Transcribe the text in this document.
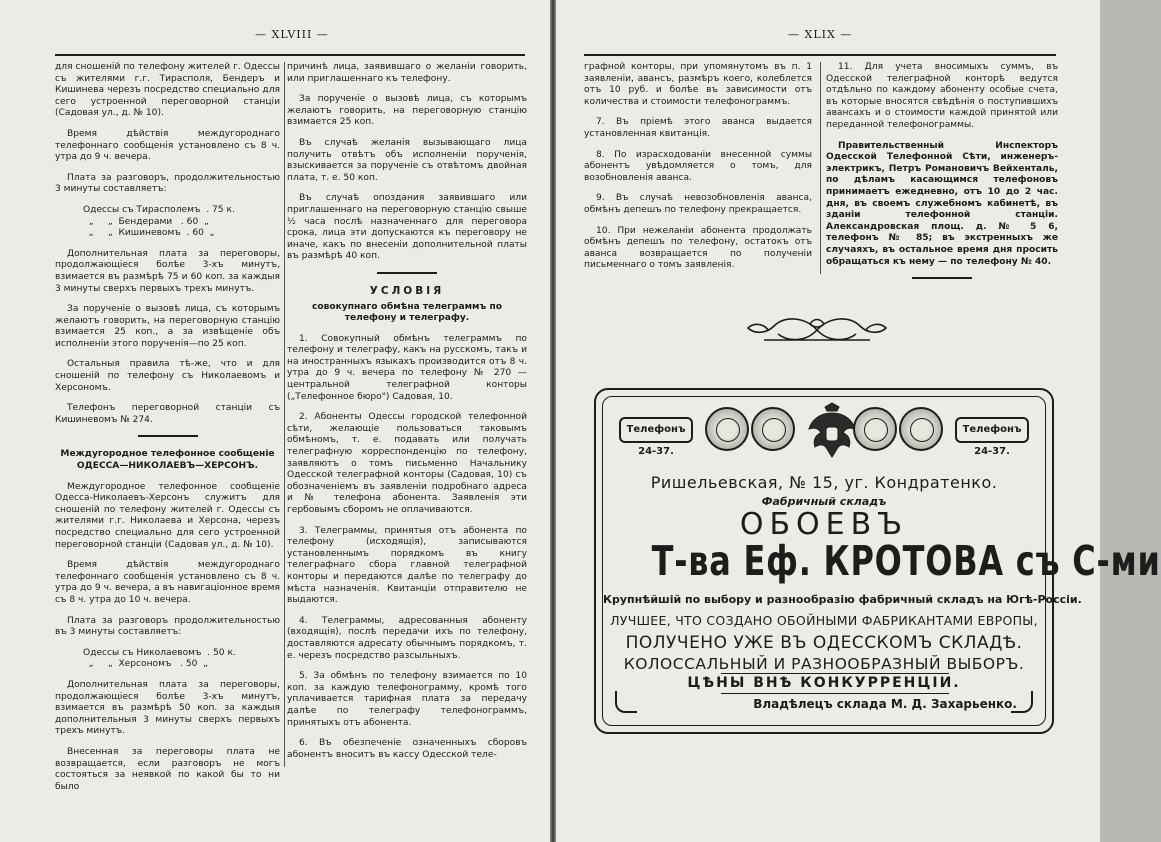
— XLVIII —

для сношеній по телефону жителей г. Одессы съ жителями г.г. Тирасполя, Бендеръ и Кишинева черезъ посредство специально для сего устроенной переговорной станціи (Садовая ул., д. № 10).

Время дѣйствія междугороднаго телефоннаго сообщенія установлено съ 8 ч. утра до 9 ч. вечера.

Плата за разговоръ, продолжительностью 3 минуты составляетъ:

Одессы съ Тирасполемъ  . 75 к.
„     „  Бендерами   . 60  „
„     „  Кишиневомъ  . 60  „

Дополнительная плата за переговоры, продолжающіеся болѣе 3-хъ минутъ, взимается въ размѣрѣ 75 и 60 коп. за каждыя 3 минуты сверхъ первыхъ трехъ минутъ.

За порученіе о вызовѣ лица, съ которымъ желаютъ говорить, на переговорную станцію взимается 25 коп., а за извѣщеніе объ исполненіи этого порученія—по 25 коп.

Остальныя правила тѣ-же, что и для сношеній по телефону съ Николаевомъ и Херсономъ.

Телефонъ переговорной станціи съ Кишиневомъ № 274.

Междугородное телефонное сообщеніе ОДЕССА—НИКОЛАЕВЪ—ХЕРСОНЪ.

Междугородное телефонное сообщеніе Одесса-Николаевъ-Херсонъ служитъ для сношеній по телефону жителей г. Одессы съ жителями г.г. Николаева и Херсона, черезъ посредство специально для сего устроенной переговорной станціи (Садовая ул., д. № 10).

Время дѣйствія междугороднаго телефоннаго сообщенія установлено съ 8 ч. утра до 9 ч. вечера, а въ навигаціонное время съ 8 ч. утра до 10 ч. вечера.

Плата за разговоръ продолжительностью въ 3 минуты составляетъ:

Одессы съ Николаевомъ  . 50 к.
„     „  Херсономъ   . 50  „

Дополнительная плата за переговоры, продолжающіеся болѣе 3-хъ минутъ, взимается въ размѣрѣ 50 коп. за каждыя дополнительныя 3 минуты сверхъ первыхъ трехъ минутъ.

Внесенная за переговоры плата не возвращается, если разговоръ не могъ состояться за неявкой по какой бы то ни было

причинѣ лица, заявившаго о желаніи говорить, или приглашеннаго къ телефону.

За порученіе о вызовѣ лица, съ которымъ желаютъ говорить, на переговорную станцію взимается 25 коп.

Въ случаѣ желанія вызывающаго лица получить отвѣтъ объ исполненіи порученія, взыскивается за порученіе съ отвѣтомъ двойная плата, т. е. 50 коп.

Въ случаѣ опоздания заявившаго или приглашеннаго на переговорную станцію свыше ½ часа послѣ назначеннаго для переговора срока, лица эти допускаются къ переговору не иначе, какъ по внесеніи дополнительной платы въ размѣрѣ 40 коп.

УСЛОВІЯ

совокупнаго обмѣна телеграммъ по телефону и телеграфу.

1. Совокупный обмѣнъ телеграммъ по телефону и телеграфу, какъ на русскомъ, такъ и на иностранныхъ языкахъ производится отъ 8 ч. утра до 9 ч. вечера по телефону № 270 — центральной телеграфной конторы („Телефонное бюро") Садовая, 10.

2. Абоненты Одессы городской телефонной сѣти, желающіе пользоваться таковымъ обмѣномъ, т. е. подавать или получать телеграфную корреспонденцію по телефону, заявляютъ о томъ письменно Начальнику Одесской телеграфной конторы (Садовая, 10) съ обозначеніемъ въ заявленіи подробнаго адреса и № телефона абонента. Заявленія эти гербовымъ сборомъ не оплачиваются.

3. Телеграммы, принятыя отъ абонента по телефону (исходящія), записываются установленнымъ порядкомъ въ книгу телеграфнаго сбора главной телеграфной конторы и передаются далѣе по телеграфу до мѣста назначенія. Квитанціи отправителю не выдаются.

4. Телеграммы, адресованныя абоненту (входящія), послѣ передачи ихъ по телефону, доставляются адресату обычнымъ порядкомъ, т. е. черезъ посредство разсыльныхъ.

5. За обмѣнъ по телефону взимается по 10 коп. за каждую телефонограмму, кромѣ того уплачивается тарифная плата за передачу далѣе по телеграфу телефонограммъ, принятыхъ отъ абонента.

6. Въ обезпеченіе означенныхъ сборовъ абонентъ вноситъ въ кассу Одесской теле-

— XLIX —

графной конторы, при упомянутомъ въ п. 1 заявленіи, авансъ, размѣръ коего, колеблется отъ 10 руб. и болѣе въ зависимости отъ количества и стоимости телефонограммъ.

7. Въ пріемѣ этого аванса выдается установленная квитанція.

8. По израсходованіи внесенной суммы абонентъ увѣдомляется о томъ, для возобновленія аванса.

9. Въ случаѣ невозобновленія аванса, обмѣнъ депешъ по телефону прекращается.

10. При нежеланіи абонента продолжать обмѣнъ депешъ по телефону, остатокъ отъ аванса возвращается по полученіи письменнаго о томъ заявленія.

11. Для учета вносимыхъ суммъ, въ Одесской телеграфной конторѣ ведутся отдѣльно по каждому абоненту особые счета, въ которые вносятся свѣдѣнія о поступившихъ авансахъ и о стоимости каждой принятой или переданной телефонограммы.

Правительственный Инспекторъ Одесской Телефонной Сѣти, инженеръ-электрикъ, Петръ Романовичъ Вейхенталь, по дѣламъ касающимся телефоновъ принимаетъ ежедневно, отъ 10 до 2 час. дня, въ своемъ служебномъ кабинетѣ, въ зданіи телефонной станціи. Александровская площ. д. № 5 6, телефонъ № 85; въ экстренныхъ же случаяхъ, въ остальное время дня просить обращаться къ нему — по телефону № 40.

Телефонъ 24-37.
Телефонъ 24-37.
Ришельевская, № 15, уг. Кондратенко.
Фабричный складъ
ОБОЕВЪ
Т-ва Еф. КРОТОВА съ С-ми
Крупнѣйшій по выбору и разнообразію фабричный складъ на Югѣ-Россіи.
ЛУЧШЕЕ, ЧТО СОЗДАНО ОБОЙНЫМИ ФАБРИКАНТАМИ ЕВРОПЫ,
ПОЛУЧЕНО УЖЕ ВЪ ОДЕССКОМЪ СКЛАДѢ.
КОЛОССАЛЬНЫЙ И РАЗНООБРАЗНЫЙ ВЫБОРЪ.
ЦѢНЫ ВНѢ КОНКУРРЕНЦІИ.
Владѣлецъ склада М. Д. Захарьенко.
